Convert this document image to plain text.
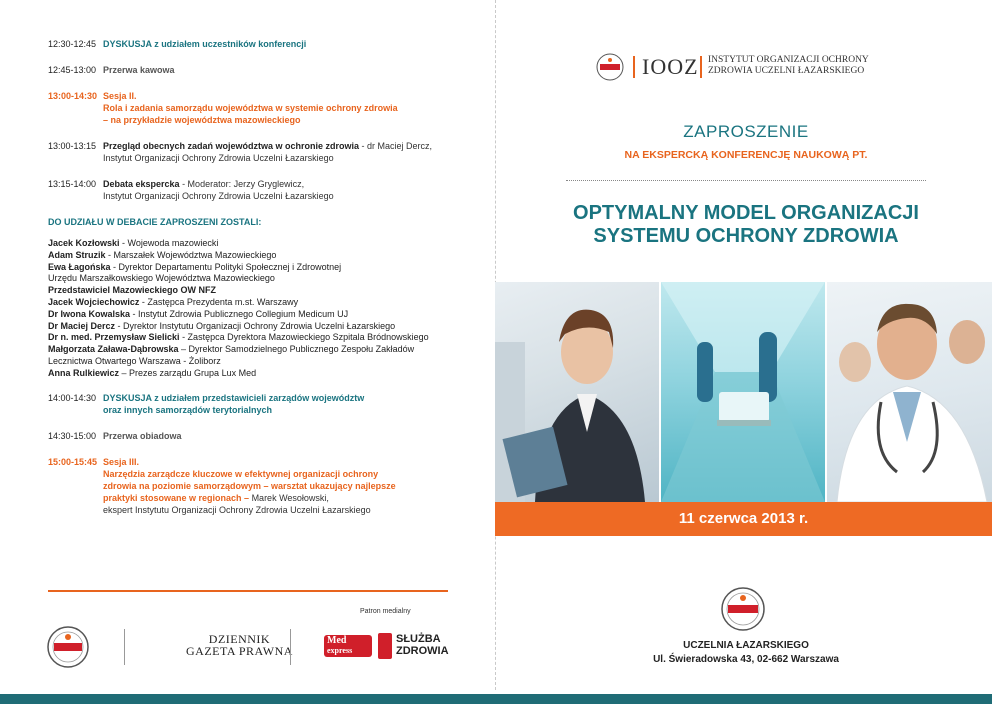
12:30-12:45 DYSKUSJA z udziałem uczestników konferencji
12:45-13:00 Przerwa kawowa
13:00-14:30 Sesja II.
Rola i zadania samorządu województwa w systemie ochrony zdrowia
– na przykładzie województwa mazowieckiego
13:00-13:15 Przegląd obecnych zadań województwa w ochronie zdrowia - dr Maciej Dercz,
Instytut Organizacji Ochrony Zdrowia Uczelni Łazarskiego
13:15-14:00 Debata ekspercka - Moderator: Jerzy Gryglewicz,
Instytut Organizacji Ochrony Zdrowia Uczelni Łazarskiego
DO UDZIAŁU W DEBACIE ZAPROSZENI ZOSTALI:
Jacek Kozłowski - Wojewoda mazowiecki
Adam Struzik - Marszałek Województwa Mazowieckiego
Ewa Łagońska - Dyrektor Departamentu Polityki Społecznej i Zdrowotnej
Urzędu Marszałkowskiego Województwa Mazowieckiego
Przedstawiciel Mazowieckiego OW NFZ
Jacek Wojciechowicz - Zastępca Prezydenta m.st. Warszawy
Dr Iwona Kowalska - Instytut Zdrowia Publicznego Collegium Medicum UJ
Dr Maciej Dercz - Dyrektor Instytutu Organizacji Ochrony Zdrowia Uczelni Łazarskiego
Dr n. med. Przemysław Sielicki - Zastępca Dyrektora Mazowieckiego Szpitala Bródnowskiego
Małgorzata Zaława-Dąbrowska – Dyrektor Samodzielnego Publicznego Zespołu Zakładów
Lecznictwa Otwartego Warszawa - Żoliborz
Anna Rulkiewicz – Prezes zarządu Grupa Lux Med
14:00-14:30 DYSKUSJA z udziałem przedstawicieli zarządów województw
oraz innych samorządów terytorialnych
14:30-15:00 Przerwa obiadowa
15:00-15:45 Sesja III.
Narzędzia zarządcze kluczowe w efektywnej organizacji ochrony
zdrowia na poziomie samorządowym – warsztat ukazujący najlepsze
praktyki stosowane w regionach – Marek Wesołowski,
ekspert Instytutu Organizacji Ochrony Zdrowia Uczelni Łazarskiego
Patron medialny
DZIENNIK
GAZETA PRAWNA
Med
express
SŁUŻBA
ZDROWIA
IOOZ INSTYTUT ORGANIZACJI OCHRONY
ZDROWIA UCZELNI ŁAZARSKIEGO
ZAPROSZENIE
NA EKSPERCKĄ KONFERENCJĘ NAUKOWĄ PT.
OPTYMALNY MODEL ORGANIZACJI
SYSTEMU OCHRONY ZDROWIA
11 czerwca 2013 r.
UCZELNIA ŁAZARSKIEGO
Ul. Świeradowska 43, 02-662 Warszawa
